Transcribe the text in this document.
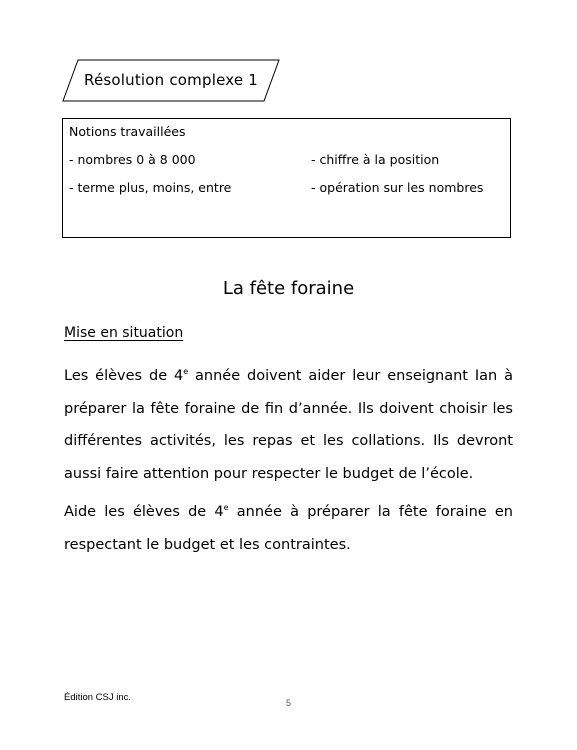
Résolution complexe 1
Notions travaillées
- nombres 0 à 8 000	- chiffre à la position
- terme plus, moins, entre	- opération sur les nombres
La fête foraine
Mise en situation

Les élèves de 4e année doivent aider leur enseignant Ian à préparer la fête foraine de fin d’année. Ils doivent choisir les différentes activités, les repas et les collations. Ils devront aussi faire attention pour respecter le budget de l’école.

Aide les élèves de 4e année à préparer la fête foraine en respectant le budget et les contraintes.

Édition CSJ inc.	5
